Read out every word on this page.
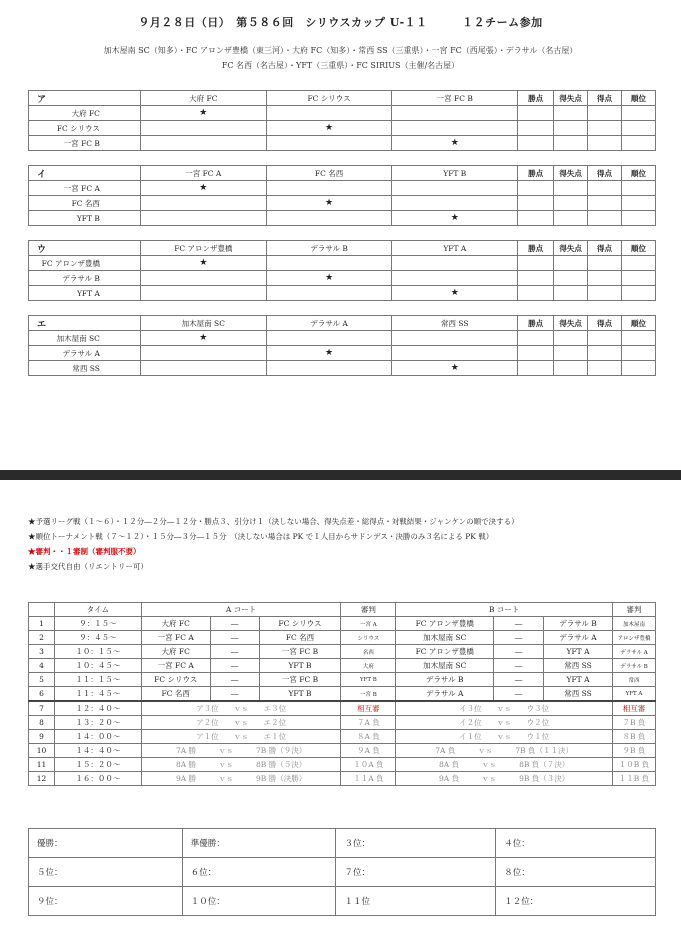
９月２８日（日）　第５８６回　シリウスカップ U-１１　　　１２チーム参加
加木屋南 SC（知多）・FC アロンザ豊橋（東三河）・大府 FC（知多）・常西 SS（三重県）・一宮 FC（西尾張）・デラサル（名古屋）
FC 名西（名古屋）・YFT（三重県）・FC SIRIUS（主催/名古屋）
ア	大府 FC	FC シリウス	一宮 FC B	勝点	得失点	得点	順位
大府 FC	★						
FC シリウス		★					
一宮 FC B			★				
イ	一宮 FC A	FC 名西	YFT B	勝点	得失点	得点	順位
一宮 FC A	★						
FC 名西		★					
YFT B			★				
ウ	FC アロンザ豊橋	デラサル B	YFT A	勝点	得失点	得点	順位
FC アロンザ豊橋	★						
デラサル B		★					
YFT A			★				
エ	加木屋南 SC	デラサル A	常西 SS	勝点	得失点	得点	順位
加木屋南 SC	★						
デラサル A		★					
常西 SS			★				
★予選リーグ戦（１〜６）・１２分―２分―１２分・勝点３、引分け１（決しない場合、得失点差・総得点・対戦結果・ジャンケンの順で決する）
★順位トーナメント戦（７〜１２）・１５分―３分―１５分　（決しない場合は PK で１人目からサドンデス・決勝のみ３名による PK 戦）
★審判・・１審制（審判服不要）
★選手交代自由（リエントリー可）
	タイム	A コート			審判	B コート			審判
1	９：１５〜	大府 FC	―	FC シリウス	一宮 A	FC アロンザ豊橋	―	デラサル B	加木屋南
2	９：４５〜	一宮 FC A	―	FC 名西	シリウス	加木屋南 SC	―	デラサル A	アロンザ豊橋
3	１０：１５〜	大府 FC	―	一宮 FC B	名西	FC アロンザ豊橋	―	YFT A	デラサル A
4	１０：４５〜	一宮 FC A	―	YFT B	大府	加木屋南 SC	―	常西 SS	デラサル B
5	１１：１５〜	FC シリウス	―	一宮 FC B	YFT B	デラサル B	―	YFT A	常西
6	１１：４５〜	FC 名西	―	YFT B	一宮 B	デラサル A	―	常西 SS	YFT A
7	１２：４０〜	ア３位　　ｖｓ　　エ３位			相互審	イ３位　　ｖｓ　　ウ３位			相互審
8	１３：２０〜	ア２位　　ｖｓ　　エ２位			７A 負	イ２位　　ｖｓ　　ウ２位			７B 負
9	１４：００〜	ア１位　　ｖｓ　　エ１位			８A 負	イ１位　　ｖｓ　　ウ１位			８B 負
10	１４：４０〜	7A 勝　　　ｖｓ　　　7B 勝（９決）			９A 負	7A 負　　　ｖｓ　　　7B 負（１１決）			９B 負
11	１５：２０〜	8A 勝　　　ｖｓ　　　8B 勝（５決）			１０A 負	8A 負　　　ｖｓ　　　8B 負（７決）			１０B 負
12	１６：００〜	9A 勝　　　ｖｓ　　　9B 勝（決勝）			１１A 負	9A 負　　　ｖｓ　　　9B 負（３決）			１１B 負
優勝：	準優勝：	３位：	４位：
５位：	６位：	７位：	８位：
９位：	１０位：	１１位	１２位：
